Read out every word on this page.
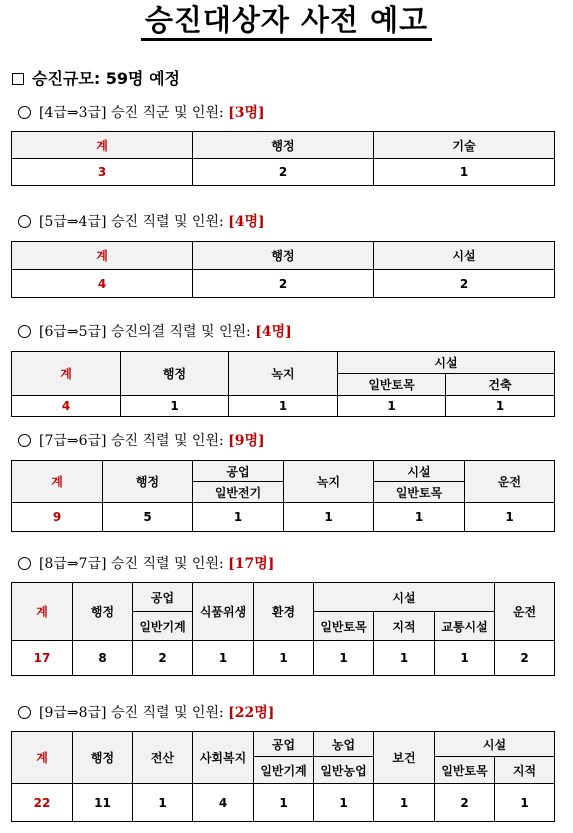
승진대상자 사전 예고
승진규모: 59명 예정
[4급⇒3급] 승진 직군 및 인원: [3명]
계	행정	기술
3	2	1
[5급⇒4급] 승진 직렬 및 인원: [4명]
계	행정	시설
4	2	2
[6급⇒5급] 승진의결 직렬 및 인원: [4명]
계	행정	녹지	시설	
			일반토목	건축
4	1	1	1	1
[7급⇒6급] 승진 직렬 및 인원: [9명]
계	행정	공업	녹지	시설	운전
		일반전기		일반토목	
9	5	1	1	1	1
[8급⇒7급] 승진 직렬 및 인원: [17명]
계	행정	공업	식품위생	환경	시설			운전
		일반기계			일반토목	지적	교통시설	
17	8	2	1	1	1	1	1	2
[9급⇒8급] 승진 직렬 및 인원: [22명]
계	행정	전산	사회복지	공업	농업	보건	시설	
				일반기계	일반농업		일반토목	지적
22	11	1	4	1	1	1	2	1
